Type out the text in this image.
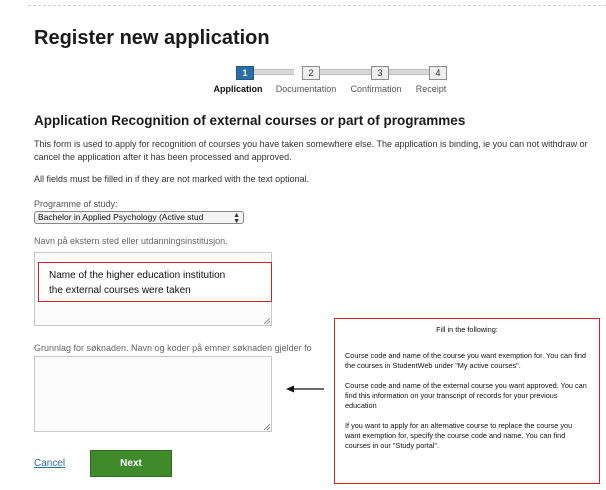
Register new application
1	2	3	4
Application Documentation Confirmation Receipt
Application Recognition of external courses or part of programmes

This form is used to apply for recognition of courses you have taken somewhere else. The application is binding, ie you can not withdraw or cancel the application after it has been processed and approved.

All fields must be filled in if they are not marked with the text optional.

Programme of study:
Bachelor in Applied Psychology (Active stud	▲
▼
Navn på ekstern sted eller utdanningsinstitusjon.
Name of the higher education institution
the external courses were taken
Grunnlag for søknaden. Navn og koder på emner søknaden gjelder fo
Fill in the following:

Course code and name of the course you want exemption for. You can find the courses in StudentWeb under "My active courses".

Course code and name of the external course you want approved. You can find this information on your transcript of records for your previous education

If you want to apply for an alternative course to replace the course you want exemption for, specify the course code and name. You can find courses in our "Study portal".

Cancel	Next
